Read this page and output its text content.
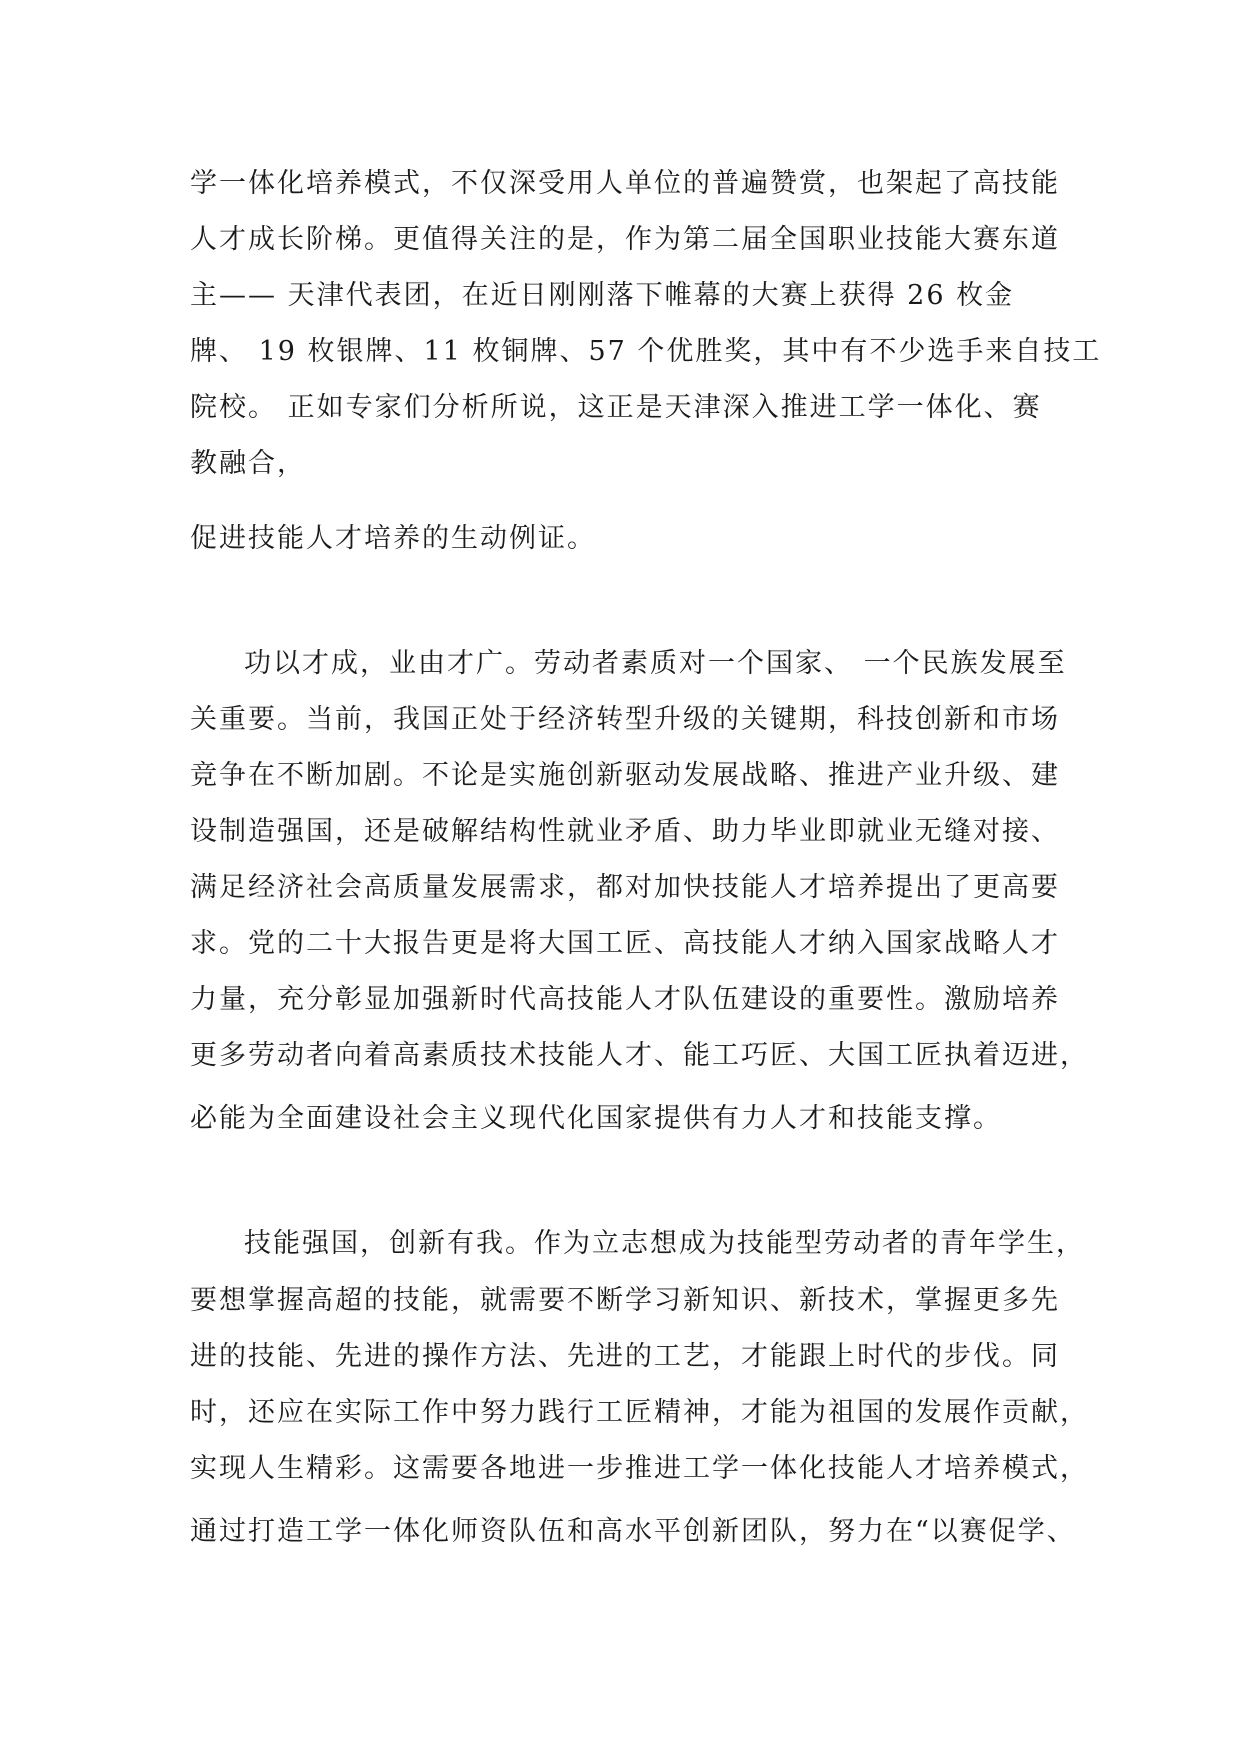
学一体化培养模式，不仅深受用人单位的普遍赞赏，也架起了高技能
人才成长阶梯。更值得关注的是，作为第二届全国职业技能大赛东道
主—— 天津代表团，在近日刚刚落下帷幕的大赛上获得 26 枚金
牌、 19 枚银牌、11 枚铜牌、57 个优胜奖，其中有不少选手来自技工
院校。 正如专家们分析所说，这正是天津深入推进工学一体化、赛
教融合，
促进技能人才培养的生动例证。
功以才成，业由才广。劳动者素质对一个国家、 一个民族发展至
关重要。当前，我国正处于经济转型升级的关键期，科技创新和市场
竞争在不断加剧。不论是实施创新驱动发展战略、推进产业升级、建
设制造强国，还是破解结构性就业矛盾、助力毕业即就业无缝对接、
满足经济社会高质量发展需求，都对加快技能人才培养提出了更高要
求。党的二十大报告更是将大国工匠、高技能人才纳入国家战略人才
力量，充分彰显加强新时代高技能人才队伍建设的重要性。激励培养
更多劳动者向着高素质技术技能人才、能工巧匠、大国工匠执着迈进，
必能为全面建设社会主义现代化国家提供有力人才和技能支撑。
技能强国，创新有我。作为立志想成为技能型劳动者的青年学生，
要想掌握高超的技能，就需要不断学习新知识、新技术，掌握更多先
进的技能、先进的操作方法、先进的工艺，才能跟上时代的步伐。同
时，还应在实际工作中努力践行工匠精神，才能为祖国的发展作贡献，
实现人生精彩。这需要各地进一步推进工学一体化技能人才培养模式，
通过打造工学一体化师资队伍和高水平创新团队，努力在“以赛促学、
